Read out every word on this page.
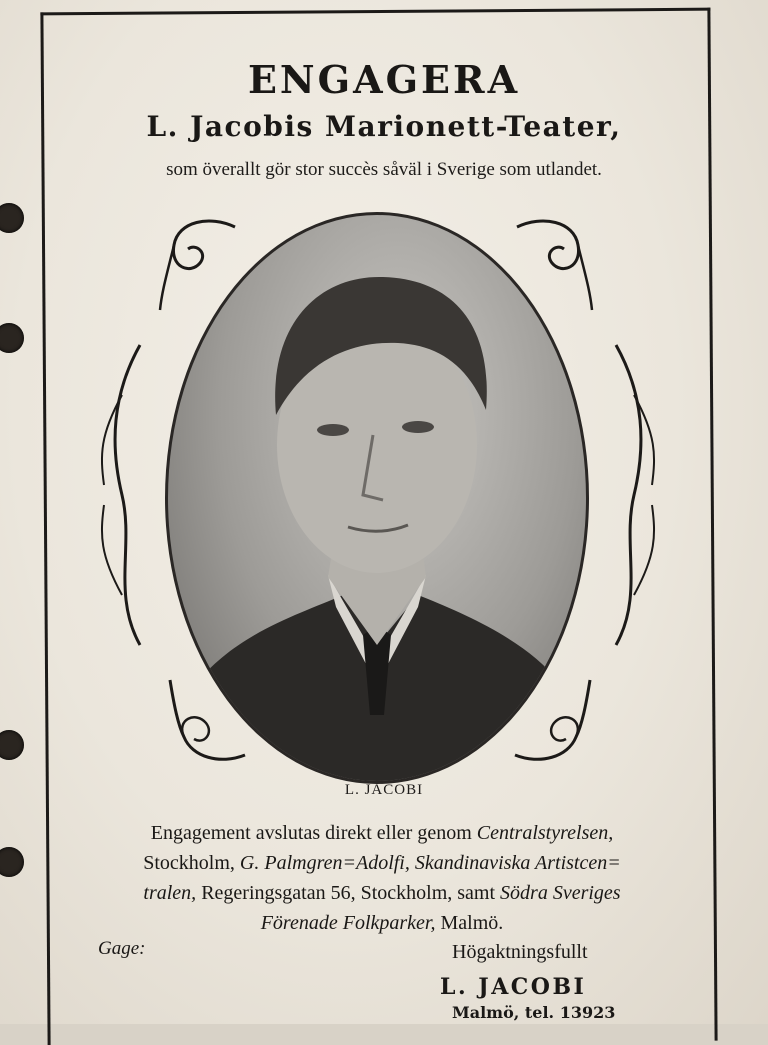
ENGAGERA
L. Jacobis Marionett-Teater,
som överallt gör stor succès såväl i Sverige som utlandet.
L. JACOBI
Engagement avslutas direkt eller genom Centralstyrelsen,
Stockholm, G. Palmgren=Adolfi, Skandinaviska Artistcen=
tralen, Regeringsgatan 56, Stockholm, samt Södra Sveriges
Förenade Folkparker, Malmö.
Gage:	Högaktningsfullt
L. JACOBI
Malmö, tel. 13923
